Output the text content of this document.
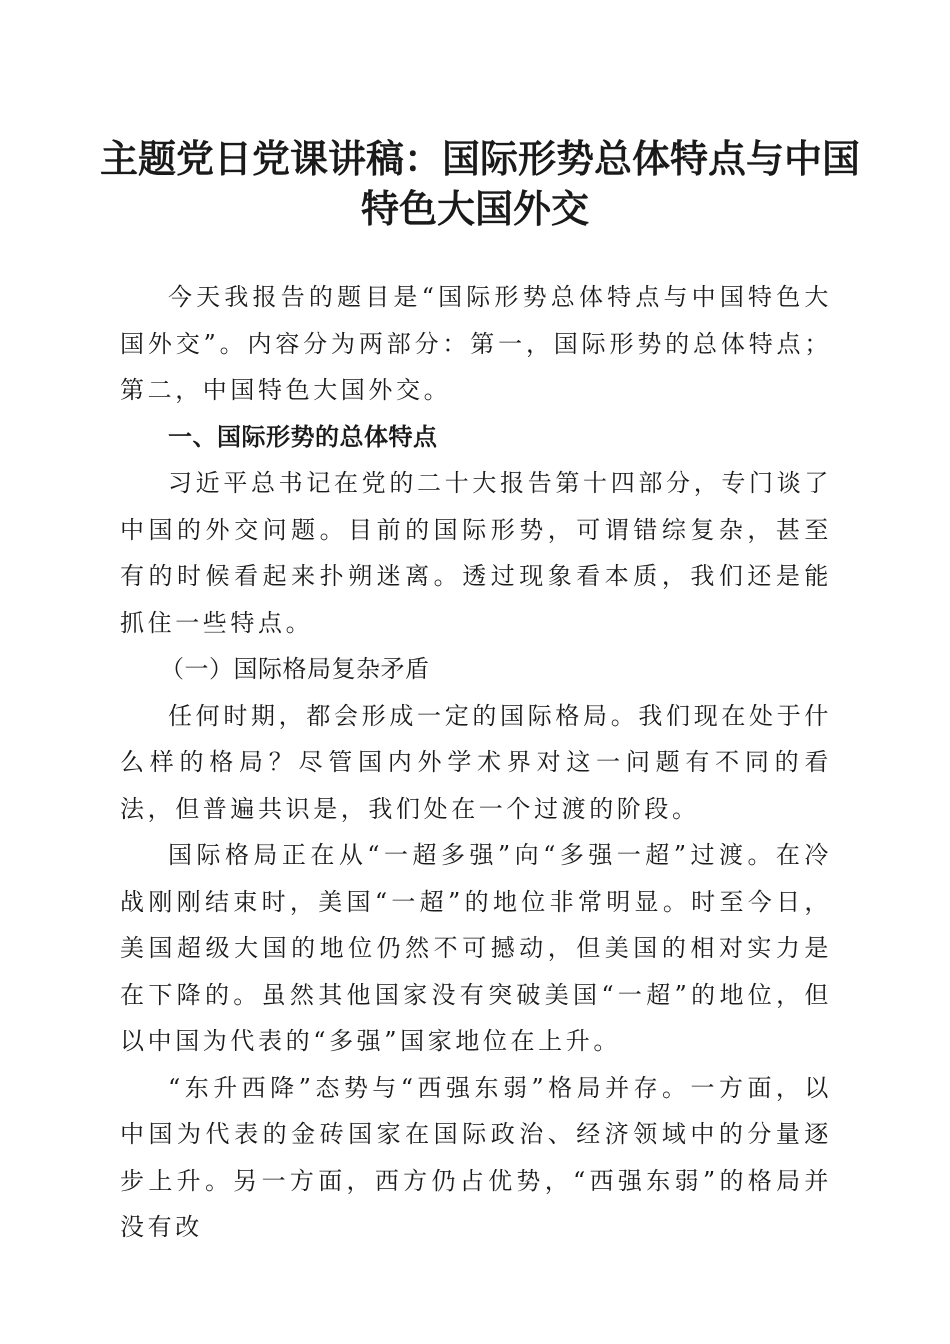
主题党日党课讲稿：国际形势总体特点与中国
特色大国外交

今天我报告的题目是“国际形势总体特点与中国特色大国外交”。内容分为两部分：第一，国际形势的总体特点；第二，中国特色大国外交。

一、国际形势的总体特点

习近平总书记在党的二十大报告第十四部分，专门谈了中国的外交问题。目前的国际形势，可谓错综复杂，甚至有的时候看起来扑朔迷离。透过现象看本质，我们还是能抓住一些特点。

（一）国际格局复杂矛盾

任何时期，都会形成一定的国际格局。我们现在处于什么样的格局？尽管国内外学术界对这一问题有不同的看法，但普遍共识是，我们处在一个过渡的阶段。

国际格局正在从“一超多强”向“多强一超”过渡。在冷战刚刚结束时，美国“一超”的地位非常明显。时至今日，美国超级大国的地位仍然不可撼动，但美国的相对实力是在下降的。虽然其他国家没有突破美国“一超”的地位，但以中国为代表的“多强”国家地位在上升。

“东升西降”态势与“西强东弱”格局并存。一方面，以中国为代表的金砖国家在国际政治、经济领域中的分量逐步上升。另一方面，西方仍占优势，“西强东弱”的格局并没有改
